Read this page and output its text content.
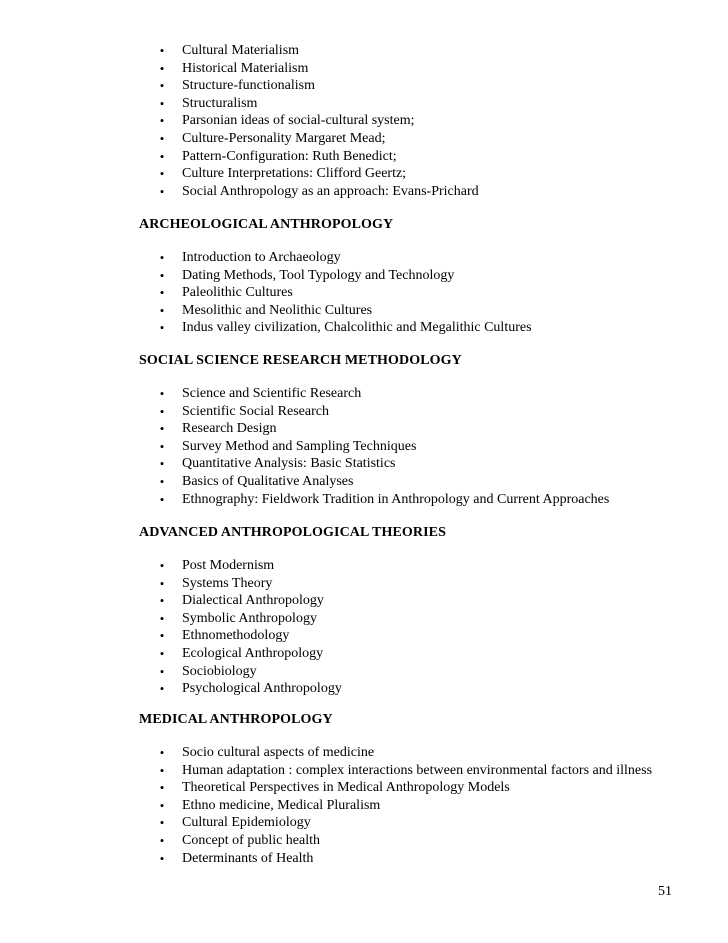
• Cultural Materialism
• Historical Materialism
• Structure-functionalism
• Structuralism
• Parsonian ideas of social-cultural system;
• Culture-Personality Margaret Mead;
• Pattern-Configuration: Ruth Benedict;
• Culture Interpretations: Clifford Geertz;
• Social Anthropology as an approach: Evans-Prichard
ARCHEOLOGICAL ANTHROPOLOGY
• Introduction to Archaeology
• Dating Methods, Tool Typology and Technology
• Paleolithic Cultures
• Mesolithic and Neolithic Cultures
• Indus valley civilization, Chalcolithic and Megalithic Cultures
SOCIAL SCIENCE RESEARCH METHODOLOGY
• Science and Scientific Research
• Scientific Social Research
• Research Design
• Survey Method and Sampling Techniques
• Quantitative Analysis: Basic Statistics
• Basics of Qualitative Analyses
• Ethnography: Fieldwork Tradition in Anthropology and Current Approaches
ADVANCED ANTHROPOLOGICAL THEORIES
• Post Modernism
• Systems Theory
• Dialectical Anthropology
• Symbolic Anthropology
• Ethnomethodology
• Ecological Anthropology
• Sociobiology
• Psychological Anthropology
MEDICAL ANTHROPOLOGY
• Socio cultural aspects of medicine
• Human adaptation : complex interactions between environmental factors and illness
• Theoretical Perspectives in Medical Anthropology Models
• Ethno medicine, Medical Pluralism
• Cultural Epidemiology
• Concept of public health
• Determinants of Health
51
